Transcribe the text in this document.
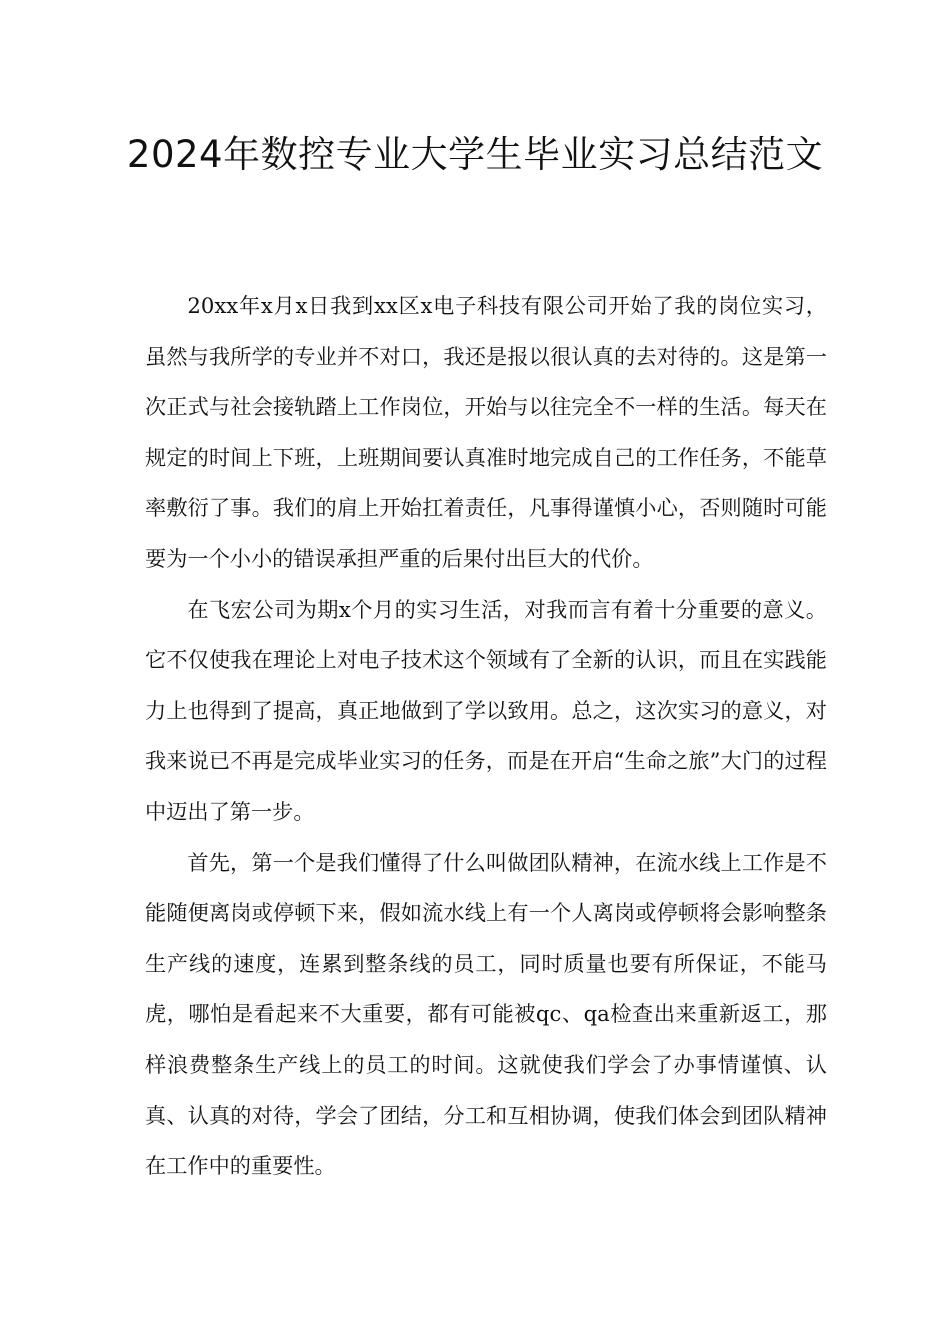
2024年数控专业大学生毕业实习总结范文

20xx年x月x日我到xx区x电子科技有限公司开始了我的岗位实习，虽然与我所学的专业并不对口，我还是报以很认真的去对待的。这是第一次正式与社会接轨踏上工作岗位，开始与以往完全不一样的生活。每天在规定的时间上下班，上班期间要认真准时地完成自己的工作任务，不能草率敷衍了事。我们的肩上开始扛着责任，凡事得谨慎小心，否则随时可能要为一个小小的错误承担严重的后果付出巨大的代价。

在飞宏公司为期x个月的实习生活，对我而言有着十分重要的意义。它不仅使我在理论上对电子技术这个领域有了全新的认识，而且在实践能力上也得到了提高，真正地做到了学以致用。总之，这次实习的意义，对我来说已不再是完成毕业实习的任务，而是在开启“生命之旅”大门的过程中迈出了第一步。

首先，第一个是我们懂得了什么叫做团队精神，在流水线上工作是不能随便离岗或停顿下来，假如流水线上有一个人离岗或停顿将会影响整条生产线的速度，连累到整条线的员工，同时质量也要有所保证，不能马虎，哪怕是看起来不大重要，都有可能被qc、qa检查出来重新返工，那样浪费整条生产线上的员工的时间。这就使我们学会了办事情谨慎、认真、认真的对待，学会了团结，分工和互相协调，使我们体会到团队精神在工作中的重要性。
